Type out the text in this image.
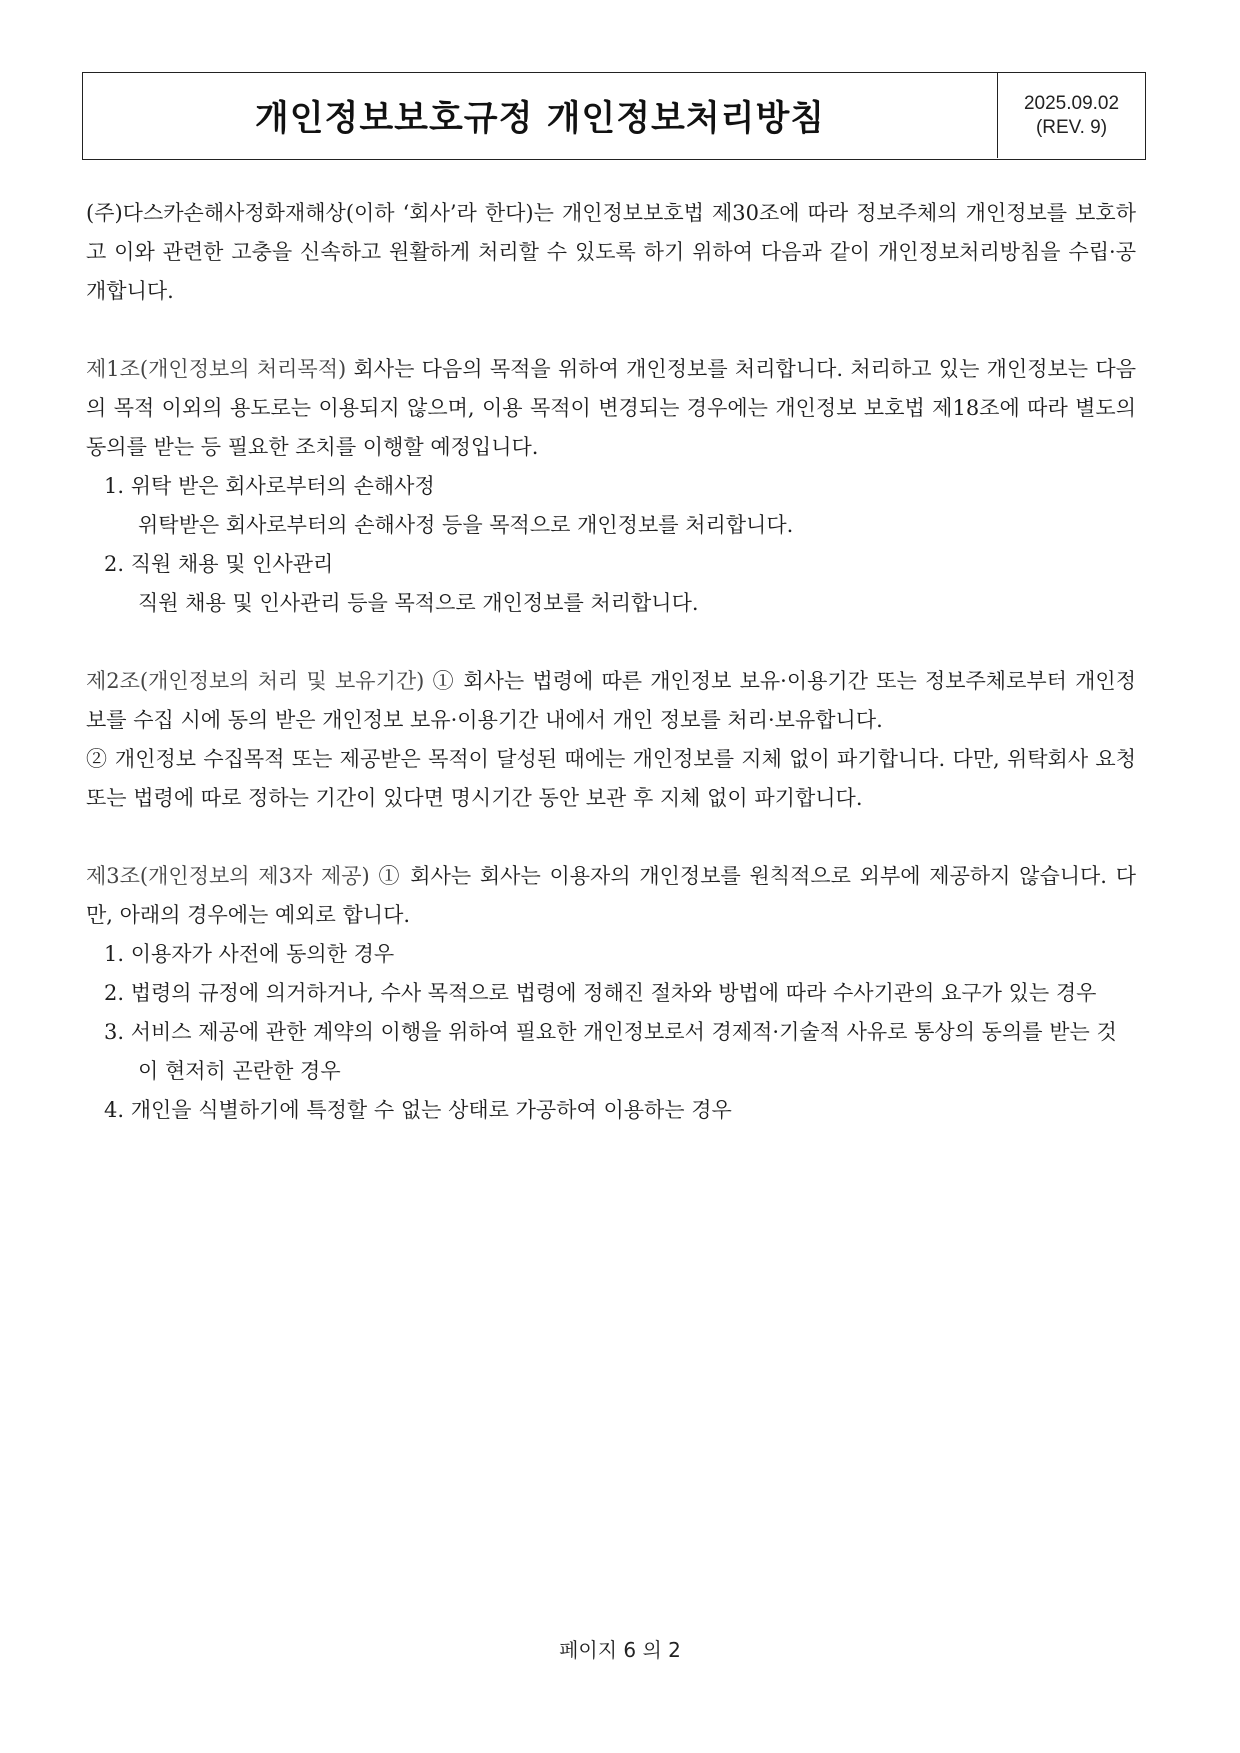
개인정보보호규정 개인정보처리방침	2025.09.02
(REV. 9)

(주)다스카손해사정화재해상(이하 ‘회사’라 한다)는 개인정보보호법 제30조에 따라 정보주체의 개인정보를 보호하고 이와 관련한 고충을 신속하고 원활하게 처리할 수 있도록 하기 위하여 다음과 같이 개인정보처리방침을 수립·공개합니다.

제1조(개인정보의 처리목적) 회사는 다음의 목적을 위하여 개인정보를 처리합니다. 처리하고 있는 개인정보는 다음의 목적 이외의 용도로는 이용되지 않으며, 이용 목적이 변경되는 경우에는 개인정보 보호법 제18조에 따라 별도의 동의를 받는 등 필요한 조치를 이행할 예정입니다.

1. 위탁 받은 회사로부터의 손해사정
위탁받은 회사로부터의 손해사정 등을 목적으로 개인정보를 처리합니다.
2. 직원 채용 및 인사관리
직원 채용 및 인사관리 등을 목적으로 개인정보를 처리합니다.

제2조(개인정보의 처리 및 보유기간) ① 회사는 법령에 따른 개인정보 보유·이용기간 또는 정보주체로부터 개인정보를 수집 시에 동의 받은 개인정보 보유·이용기간 내에서 개인 정보를 처리·보유합니다.

② 개인정보 수집목적 또는 제공받은 목적이 달성된 때에는 개인정보를 지체 없이 파기합니다. 다만, 위탁회사 요청 또는 법령에 따로 정하는 기간이 있다면 명시기간 동안 보관 후 지체 없이 파기합니다.

제3조(개인정보의 제3자 제공) ① 회사는 회사는 이용자의 개인정보를 원칙적으로 외부에 제공하지 않습니다. 다만, 아래의 경우에는 예외로 합니다.

1. 이용자가 사전에 동의한 경우
2. 법령의 규정에 의거하거나, 수사 목적으로 법령에 정해진 절차와 방법에 따라 수사기관의 요구가 있는 경우
3. 서비스 제공에 관한 계약의 이행을 위하여 필요한 개인정보로서 경제적·기술적 사유로 통상의 동의를 받는 것이 현저히 곤란한 경우
4. 개인을 식별하기에 특정할 수 없는 상태로 가공하여 이용하는 경우
페이지 6 의 2
